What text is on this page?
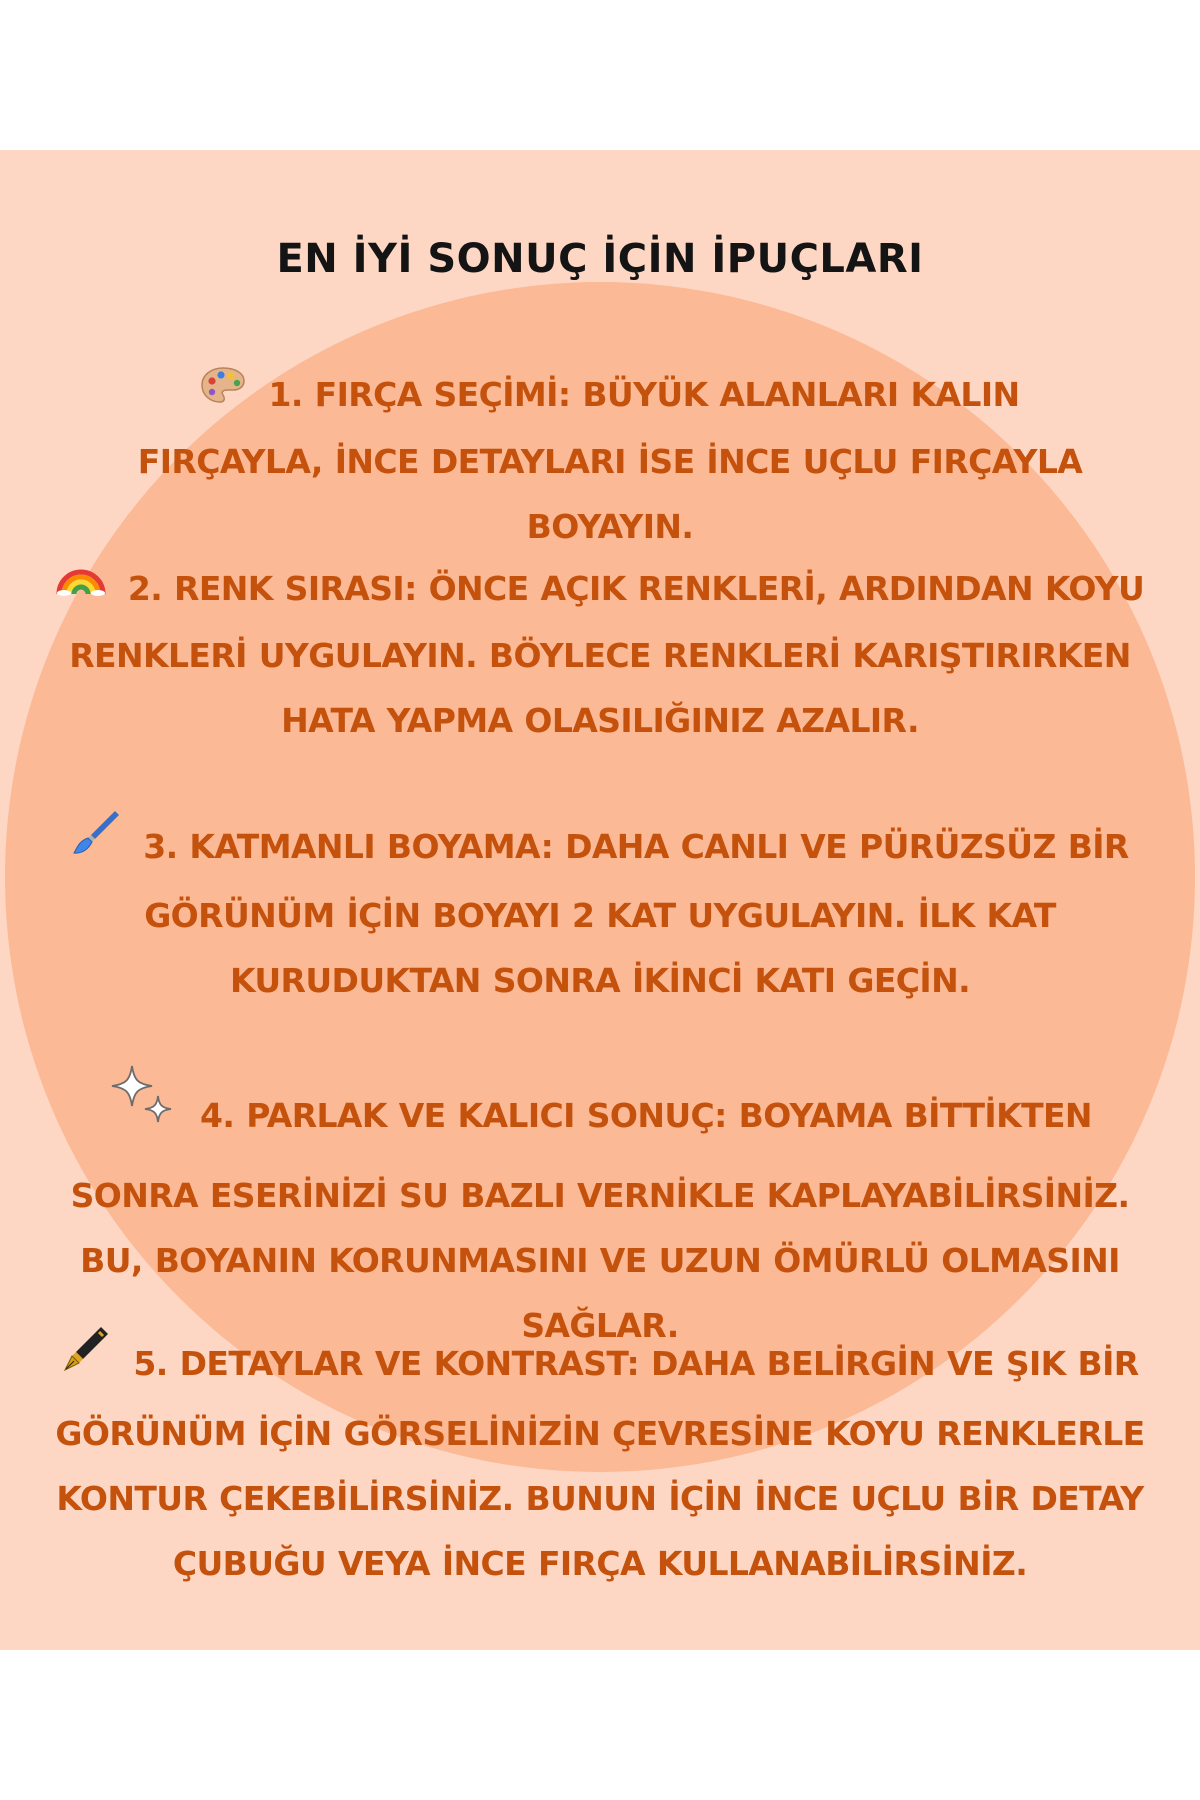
EN İYİ SONUÇ İÇİN İPUÇLARI
1. FIRÇA SEÇİMİ: BÜYÜK ALANLARI KALIN FIRÇAYLA, İNCE DETAYLARI İSE İNCE UÇLU FIRÇAYLA BOYAYIN.
2. RENK SIRASI: ÖNCE AÇIK RENKLERİ, ARDINDAN KOYU RENKLERİ UYGULAYIN. BÖYLECE RENKLERİ KARIŞTIRIRKEN HATA YAPMA OLASILIĞINIZ AZALIR.
3. KATMANLI BOYAMA: DAHA CANLI VE PÜRÜZSÜZ BİR GÖRÜNÜM İÇİN BOYAYI 2 KAT UYGULAYIN. İLK KAT KURUDUKTAN SONRA İKİNCİ KATI GEÇİN.
4. PARLAK VE KALICI SONUÇ: BOYAMA BİTTİKTEN SONRA ESERİNİZİ SU BAZLI VERNİKLE KAPLAYABİLİRSİNİZ. BU, BOYANIN KORUNMASINI VE UZUN ÖMÜRLÜ OLMASINI SAĞLAR.
5. DETAYLAR VE KONTRAST: DAHA BELİRGİN VE ŞIK BİR GÖRÜNÜM İÇİN GÖRSELİNİZİN ÇEVRESİNE KOYU RENKLERLE KONTUR ÇEKEBİLİRSİNİZ. BUNUN İÇİN İNCE UÇLU BİR DETAY ÇUBUĞU VEYA İNCE FIRÇA KULLANABİLİRSİNİZ.
